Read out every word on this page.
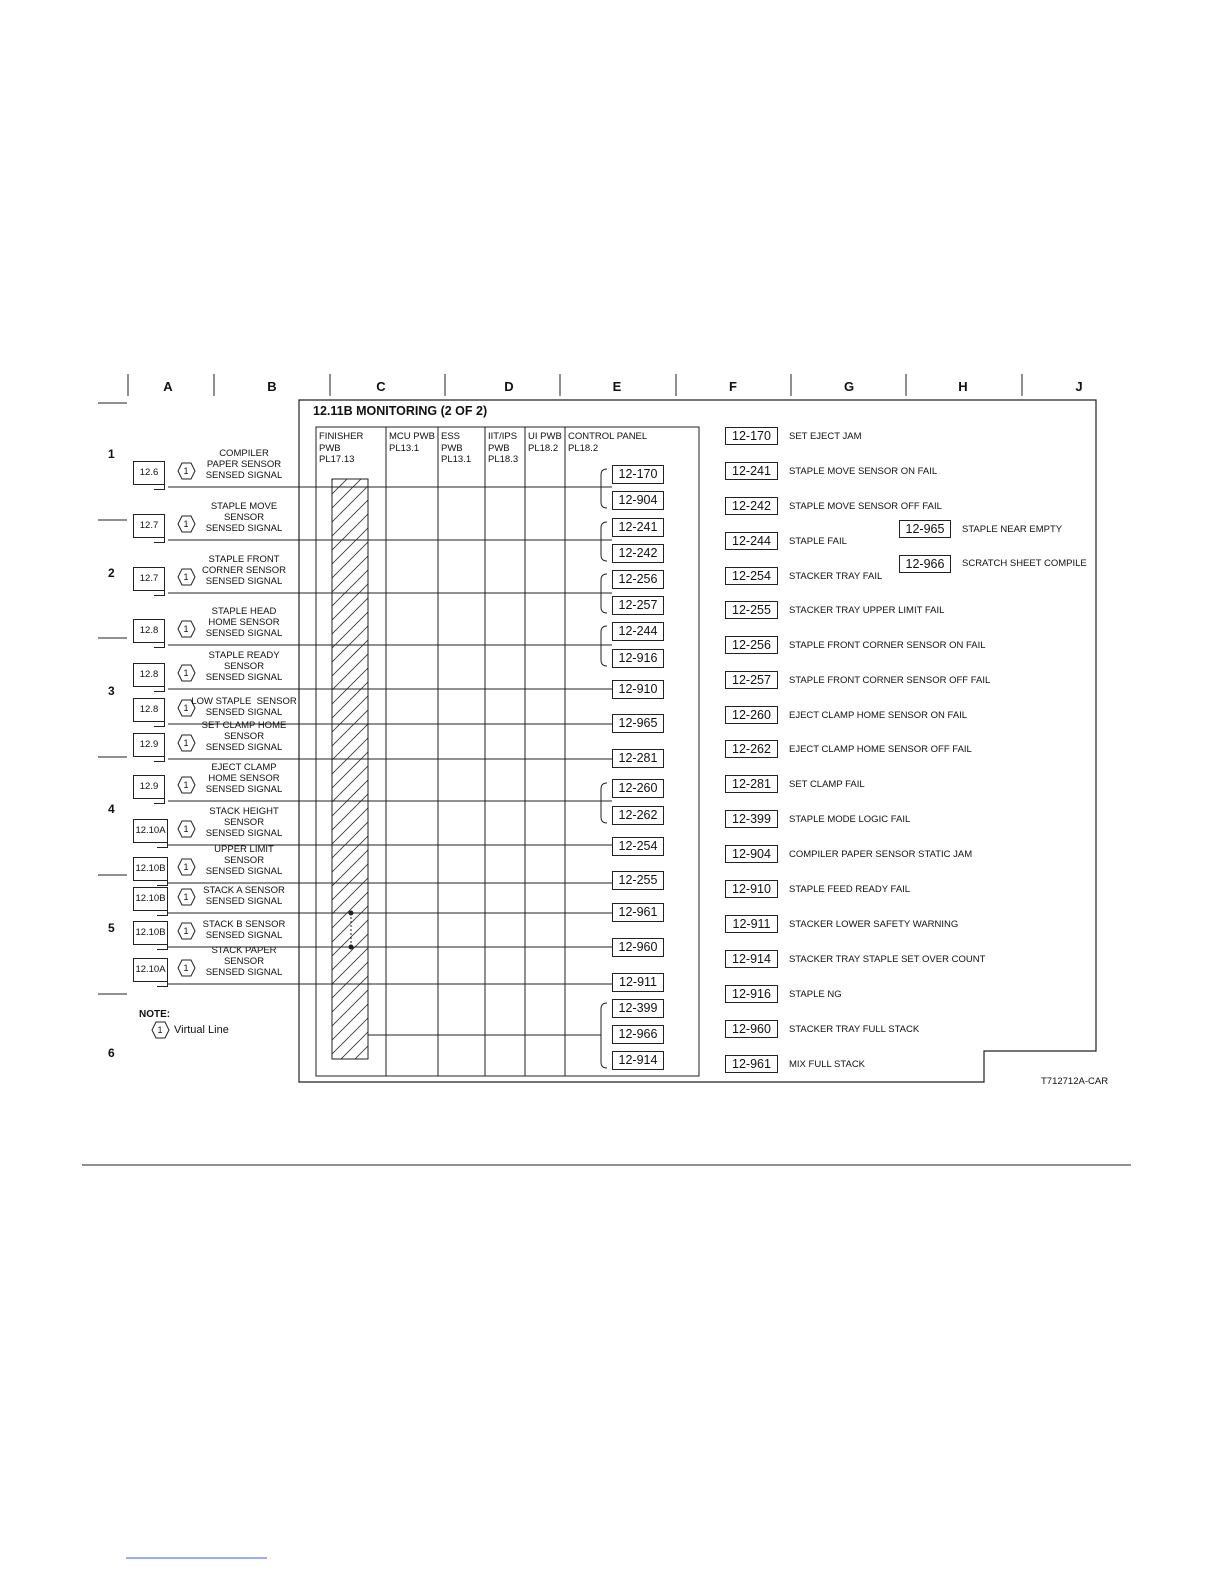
A	B	C	D	E	F	G	H	J
1
2
3
4
5
6
12.11B MONITORING (2 OF 2)
FINISHER
PWB
PL17.13
MCU PWB
PL13.1
ESS
PWB
PL13.1
IIT/IPS
PWB
PL18.3
UI PWB
PL18.2
CONTROL PANEL
PL18.2
12.6	1
COMPILER
PAPER SENSOR
SENSED SIGNAL
12.7	1
STAPLE MOVE
SENSOR
SENSED SIGNAL
12.7	1
STAPLE FRONT
CORNER SENSOR
SENSED SIGNAL
12.8	1
STAPLE HEAD
HOME SENSOR
SENSED SIGNAL
12.8	1
STAPLE READY
SENSOR
SENSED SIGNAL
12.8	1
LOW STAPLE  SENSOR
SENSED SIGNAL
12.9	1
SET CLAMP HOME
SENSOR
SENSED SIGNAL
12.9	1
EJECT CLAMP
HOME SENSOR
SENSED SIGNAL
12.10A	1
STACK HEIGHT
SENSOR
SENSED SIGNAL
12.10B	1
UPPER LIMIT
SENSOR
SENSED SIGNAL
12.10B	1
STACK A SENSOR
SENSED SIGNAL
12.10B	1
STACK B SENSOR
SENSED SIGNAL
12.10A	1
STACK PAPER
SENSOR
SENSED SIGNAL
12-170
12-904
12-241
12-242
12-256
12-257
12-244
12-916
12-910
12-965
12-281
12-260
12-262
12-254
12-255
12-961
12-960
12-911
12-399
12-966
12-914
12-170	SET EJECT JAM
12-241	STAPLE MOVE SENSOR ON FAIL
12-242	STAPLE MOVE SENSOR OFF FAIL
12-244	STAPLE FAIL
12-254	STACKER TRAY FAIL
12-255	STACKER TRAY UPPER LIMIT FAIL
12-256	STAPLE FRONT CORNER SENSOR ON FAIL
12-257	STAPLE FRONT CORNER SENSOR OFF FAIL
12-260	EJECT CLAMP HOME SENSOR ON FAIL
12-262	EJECT CLAMP HOME SENSOR OFF FAIL
12-281	SET CLAMP FAIL
12-399	STAPLE MODE LOGIC FAIL
12-904	COMPILER PAPER SENSOR STATIC JAM
12-910	STAPLE FEED READY FAIL
12-911	STACKER LOWER SAFETY WARNING
12-914	STACKER TRAY STAPLE SET OVER COUNT
12-916	STAPLE NG
12-960	STACKER TRAY FULL STACK
12-961	MIX FULL STACK
12-965	STAPLE NEAR EMPTY
12-966	SCRATCH SHEET COMPILE
NOTE:
1	Virtual Line
T712712A-CAR
